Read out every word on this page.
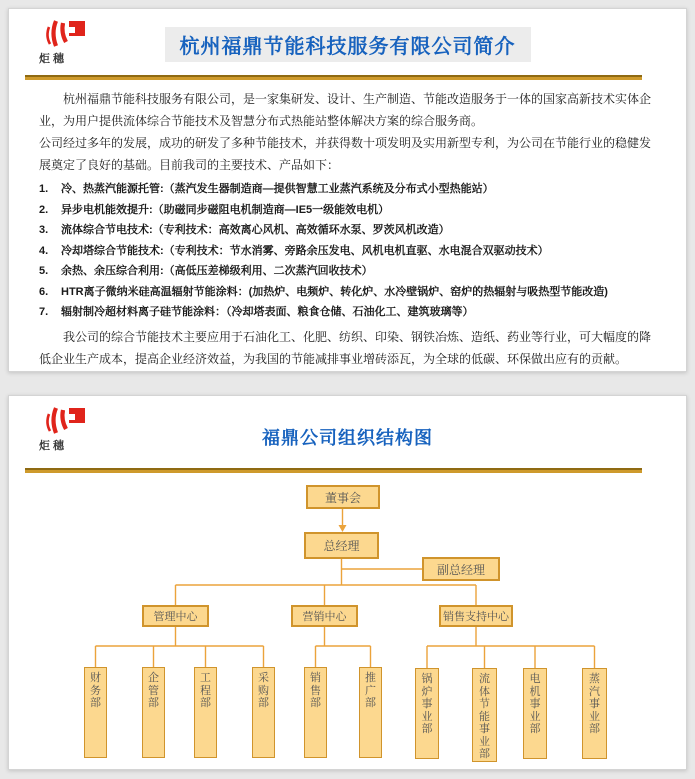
炬穗
杭州福鼎节能科技服务有限公司简介

杭州福鼎节能科技服务有限公司，是一家集研发、设计、生产制造、节能改造服务于一体的国家高新技术实体企业，为用户提供流体综合节能技术及智慧分布式热能站整体解决方案的综合服务商。

公司经过多年的发展，成功的研发了多种节能技术，并获得数十项发明及实用新型专利，为公司在节能行业的稳健发展奠定了良好的基础。目前我司的主要技术、产品如下：

1.	冷、热蒸汽能源托管:（蒸汽发生器制造商—提供智慧工业蒸汽系统及分布式小型热能站）
2.	异步电机能效提升:（助磁同步磁阻电机制造商—IE5一级能效电机）
3.	流体综合节电技术:（专利技术：高效离心风机、高效循环水泵、罗茨风机改造）
4.	冷却塔综合节能技术:（专利技术：节水消雾、旁路余压发电、风机电机直驱、水电混合双驱动技术）
5.	余热、余压综合利用:（高低压差梯级利用、二次蒸汽回收技术）
6.	HTR离子微纳米硅高温辐射节能涂料：(加热炉、电频炉、转化炉、水冷壁锅炉、窑炉的热辐射与吸热型节能改造)
7.	辐射制冷超材料离子硅节能涂料：（冷却塔表面、粮食仓储、石油化工、建筑玻璃等）

我公司的综合节能技术主要应用于石油化工、化肥、纺织、印染、钢铁冶炼、造纸、药业等行业，可大幅度的降低企业生产成本，提高企业经济效益，为我国的节能减排事业增砖添瓦，为全球的低碳、环保做出应有的贡献。

炬穗	福鼎公司组织结构图
董事会
总经理
副总经理
管理中心	营销中心	销售支持中心
财
务
部
企
管
部
工
程
部
采
购
部
销
售
部
推
广
部
锅
炉
事
业
部
流
体
节
能
事
业
部
电
机
事
业
部
蒸
汽
事
业
部
